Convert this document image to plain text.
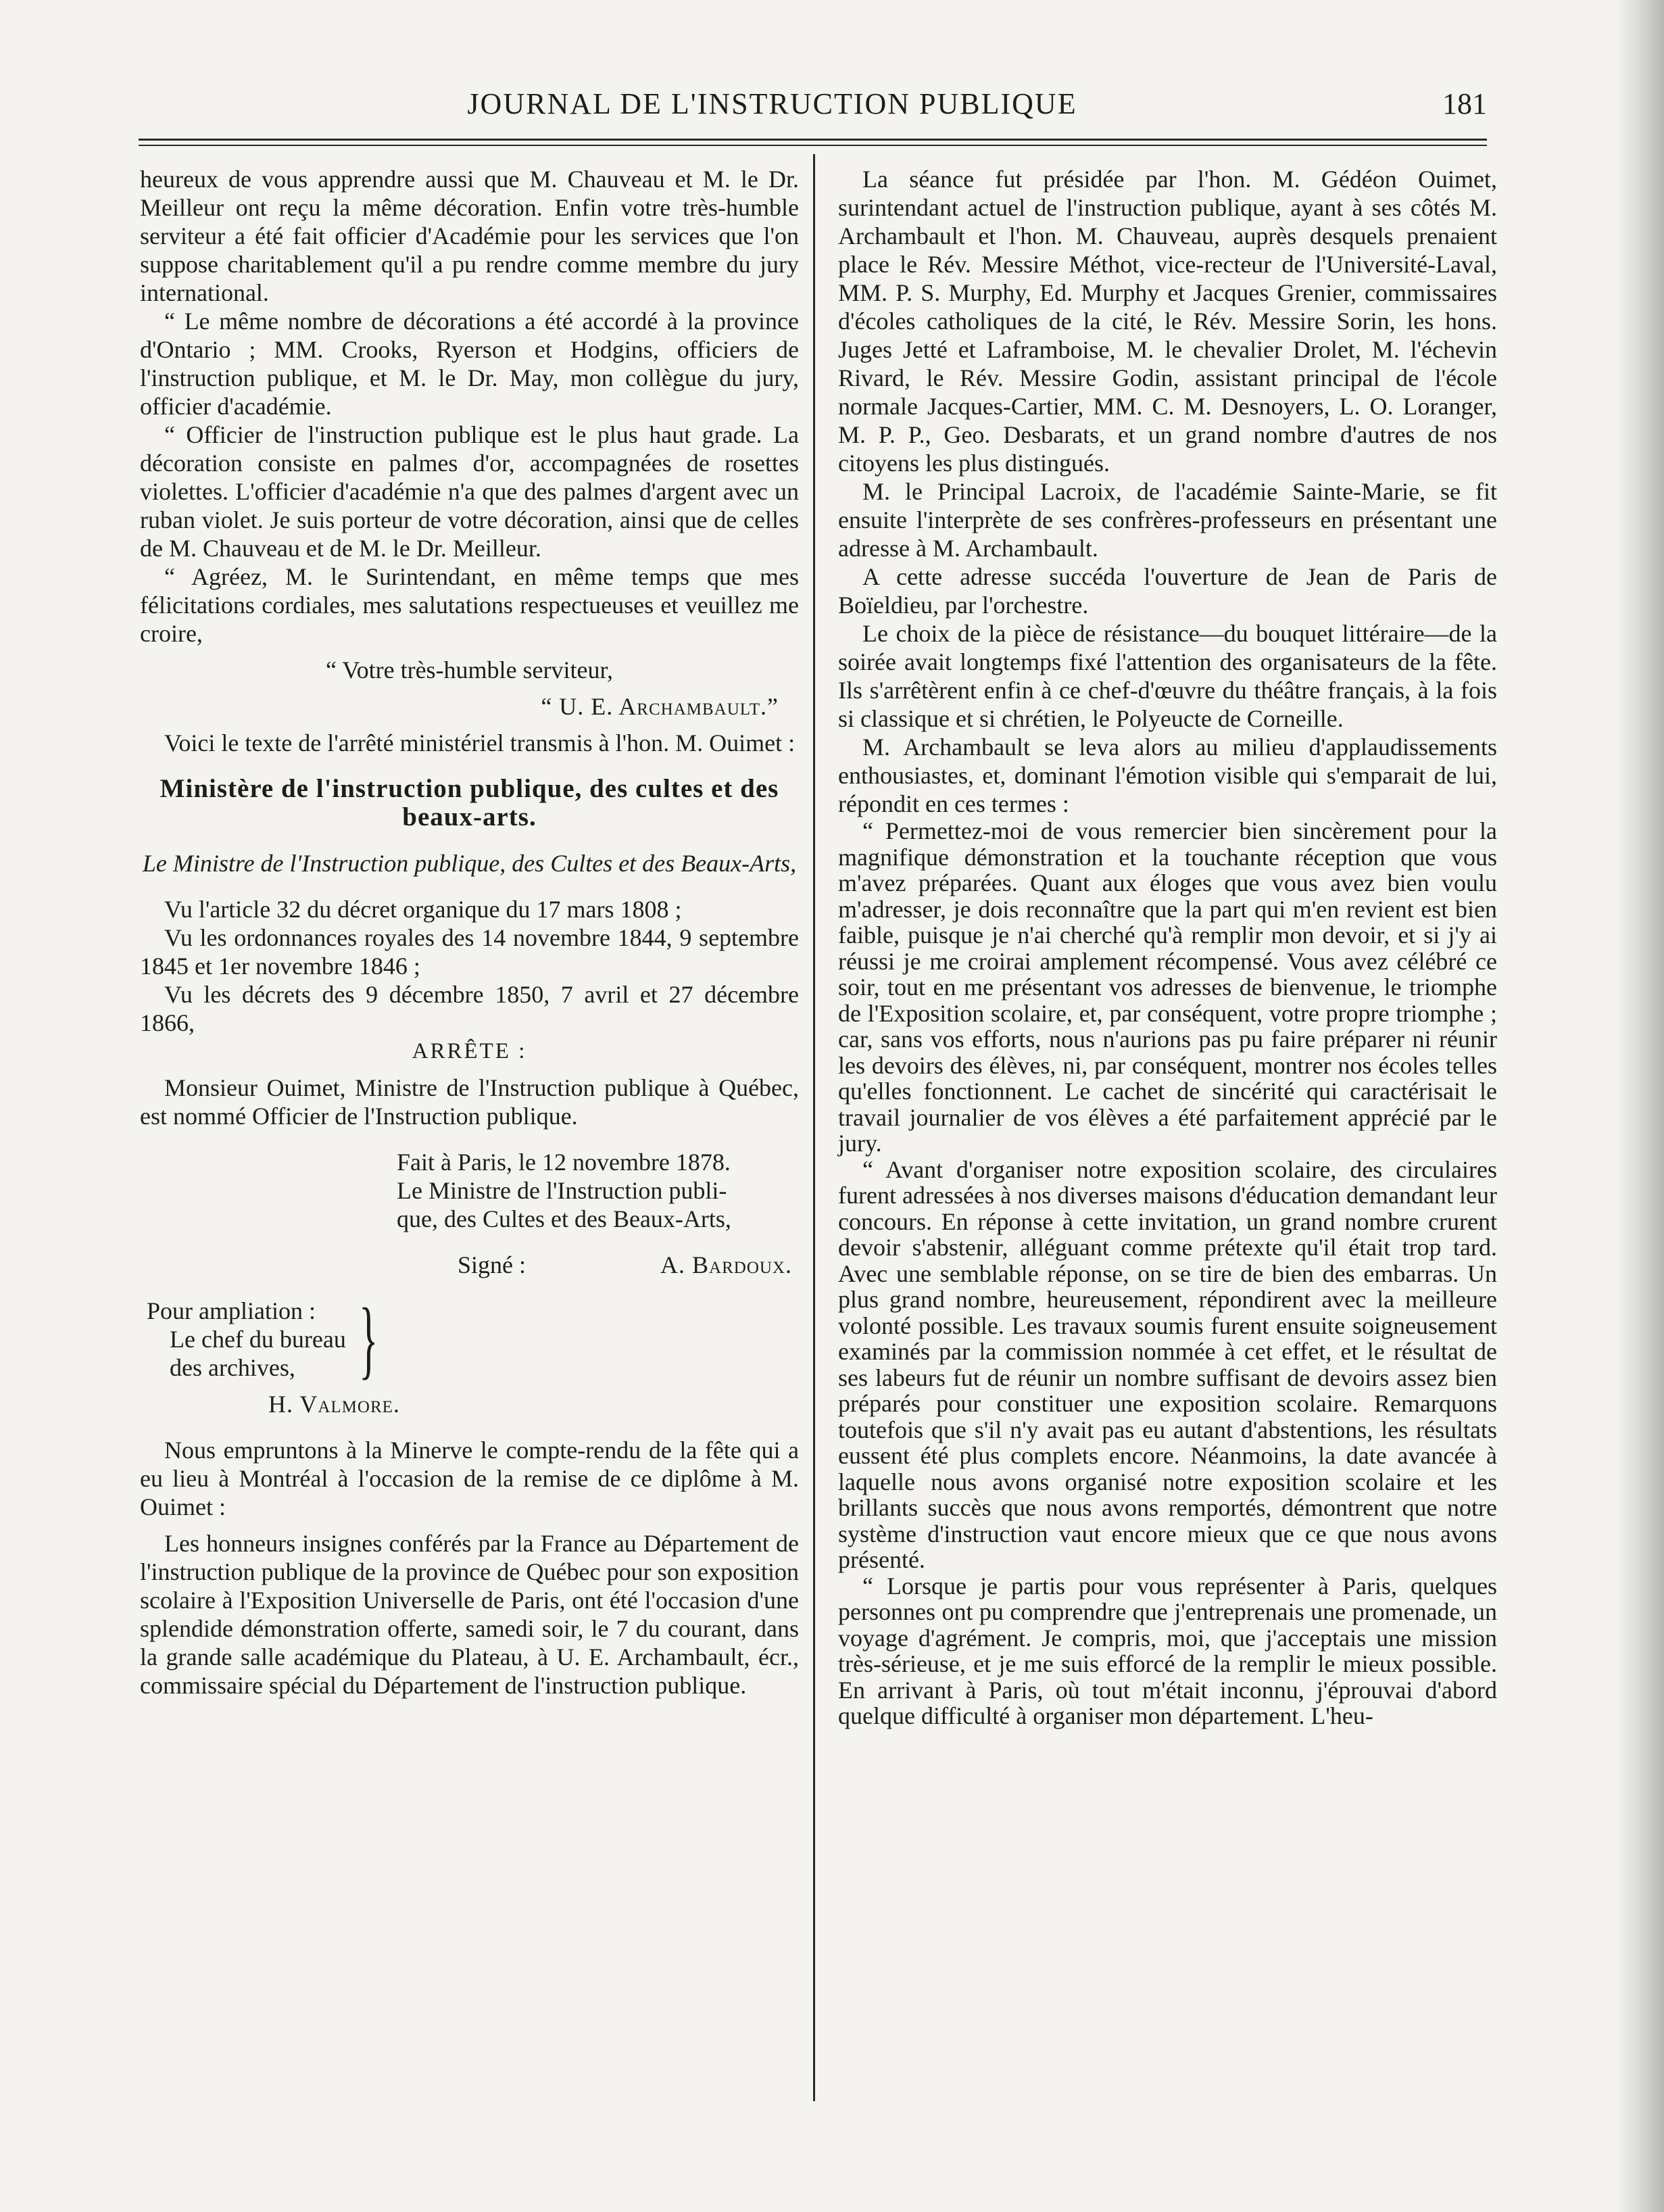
JOURNAL DE L'INSTRUCTION PUBLIQUE	181

heureux de vous apprendre aussi que M. Chauveau et M. le Dr. Meilleur ont reçu la même décoration. Enfin votre très-humble serviteur a été fait officier d'Académie pour les services que l'on suppose charitablement qu'il a pu rendre comme membre du jury international.

“ Le même nombre de décorations a été accordé à la province d'Ontario ; MM. Crooks, Ryerson et Hodgins, officiers de l'instruction publique, et M. le Dr. May, mon collègue du jury, officier d'académie.

“ Officier de l'instruction publique est le plus haut grade. La décoration consiste en palmes d'or, accompagnées de rosettes violettes. L'officier d'académie n'a que des palmes d'argent avec un ruban violet. Je suis porteur de votre décoration, ainsi que de celles de M. Chauveau et de M. le Dr. Meilleur.

“ Agréez, M. le Surintendant, en même temps que mes félicitations cordiales, mes salutations respectueuses et veuillez me croire,

“ Votre très-humble serviteur,

“ U. E. Archambault.”

Voici le texte de l'arrêté ministériel transmis à l'hon. M. Ouimet :

Ministère de l'instruction publique, des cultes et des beaux-arts.

Le Ministre de l'Instruction publique, des Cultes et des Beaux-Arts,

Vu l'article 32 du décret organique du 17 mars 1808 ;

Vu les ordonnances royales des 14 novembre 1844, 9 septembre 1845 et 1er novembre 1846 ;

Vu les décrets des 9 décembre 1850, 7 avril et 27 décembre 1866,

ARRÊTE :

Monsieur Ouimet, Ministre de l'Instruction publique à Québec, est nommé Officier de l'Instruction publique.

Fait à Paris, le 12 novembre 1878.

Le Ministre de l'Instruction publi-

que, des Cultes et des Beaux-Arts,

Signé :	A. Bardoux.
Pour ampliation :
Le chef du bureau
des archives, }

H. Valmore.

Nous empruntons à la Minerve le compte-rendu de la fête qui a eu lieu à Montréal à l'occasion de la remise de ce diplôme à M. Ouimet :

Les honneurs insignes conférés par la France au Département de l'instruction publique de la province de Québec pour son exposition scolaire à l'Exposition Universelle de Paris, ont été l'occasion d'une splendide démonstration offerte, samedi soir, le 7 du courant, dans la grande salle académique du Plateau, à U. E. Archambault, écr., commissaire spécial du Département de l'instruction publique.

La séance fut présidée par l'hon. M. Gédéon Ouimet, surintendant actuel de l'instruction publique, ayant à ses côtés M. Archambault et l'hon. M. Chauveau, auprès desquels prenaient place le Rév. Messire Méthot, vice-recteur de l'Université-Laval, MM. P. S. Murphy, Ed. Murphy et Jacques Grenier, commissaires d'écoles catholiques de la cité, le Rév. Messire Sorin, les hons. Juges Jetté et Laframboise, M. le chevalier Drolet, M. l'échevin Rivard, le Rév. Messire Godin, assistant principal de l'école normale Jacques-Cartier, MM. C. M. Desnoyers, L. O. Loranger, M. P. P., Geo. Desbarats, et un grand nombre d'autres de nos citoyens les plus distingués.

M. le Principal Lacroix, de l'académie Sainte-Marie, se fit ensuite l'interprète de ses confrères-professeurs en présentant une adresse à M. Archambault.

A cette adresse succéda l'ouverture de Jean de Paris de Boïeldieu, par l'orchestre.

Le choix de la pièce de résistance—du bouquet littéraire—de la soirée avait longtemps fixé l'attention des organisateurs de la fête. Ils s'arrêtèrent enfin à ce chef-d'œuvre du théâtre français, à la fois si classique et si chrétien, le Polyeucte de Corneille.

M. Archambault se leva alors au milieu d'applaudissements enthousiastes, et, dominant l'émotion visible qui s'emparait de lui, répondit en ces termes :

“ Permettez-moi de vous remercier bien sincèrement pour la magnifique démonstration et la touchante réception que vous m'avez préparées. Quant aux éloges que vous avez bien voulu m'adresser, je dois reconnaître que la part qui m'en revient est bien faible, puisque je n'ai cherché qu'à remplir mon devoir, et si j'y ai réussi je me croirai amplement récompensé. Vous avez célébré ce soir, tout en me présentant vos adresses de bienvenue, le triomphe de l'Exposition scolaire, et, par conséquent, votre propre triomphe ; car, sans vos efforts, nous n'aurions pas pu faire préparer ni réunir les devoirs des élèves, ni, par conséquent, montrer nos écoles telles qu'elles fonctionnent. Le cachet de sincérité qui caractérisait le travail journalier de vos élèves a été parfaitement apprécié par le jury.

“ Avant d'organiser notre exposition scolaire, des circulaires furent adressées à nos diverses maisons d'éducation demandant leur concours. En réponse à cette invitation, un grand nombre crurent devoir s'abstenir, alléguant comme prétexte qu'il était trop tard. Avec une semblable réponse, on se tire de bien des embarras. Un plus grand nombre, heureusement, répondirent avec la meilleure volonté possible. Les travaux soumis furent ensuite soigneusement examinés par la commission nommée à cet effet, et le résultat de ses labeurs fut de réunir un nombre suffisant de devoirs assez bien préparés pour constituer une exposition scolaire. Remarquons toutefois que s'il n'y avait pas eu autant d'abstentions, les résultats eussent été plus complets encore. Néanmoins, la date avancée à laquelle nous avons organisé notre exposition scolaire et les brillants succès que nous avons remportés, démontrent que notre système d'instruction vaut encore mieux que ce que nous avons présenté.

“ Lorsque je partis pour vous représenter à Paris, quelques personnes ont pu comprendre que j'entreprenais une promenade, un voyage d'agrément. Je compris, moi, que j'acceptais une mission très-sérieuse, et je me suis efforcé de la remplir le mieux possible. En arrivant à Paris, où tout m'était inconnu, j'éprouvai d'abord quelque difficulté à organiser mon département. L'heu-
